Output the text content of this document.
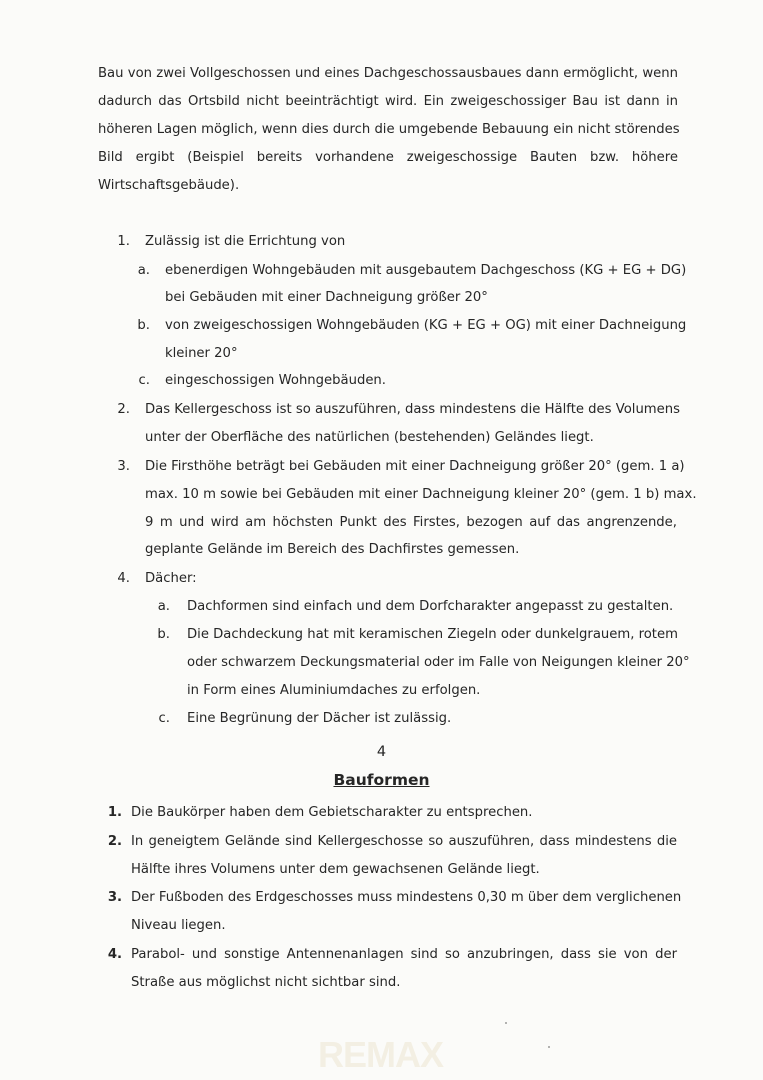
Bau von zwei Vollgeschossen und eines Dachgeschossausbaues dann ermöglicht, wenn
dadurch das Ortsbild nicht beeinträchtigt wird. Ein zweigeschossiger Bau ist dann in
höheren Lagen möglich, wenn dies durch die umgebende Bebauung ein nicht störendes
Bild ergibt (Beispiel bereits vorhandene zweigeschossige Bauten bzw. höhere
Wirtschaftsgebäude).
1. Zulässig ist die Errichtung von
a. ebenerdigen Wohngebäuden mit ausgebautem Dachgeschoss (KG + EG + DG)
bei Gebäuden mit einer Dachneigung größer 20°
b. von zweigeschossigen Wohngebäuden (KG + EG + OG) mit einer Dachneigung
kleiner 20°
c. eingeschossigen Wohngebäuden.
2. Das Kellergeschoss ist so auszuführen, dass mindestens die Hälfte des Volumens
unter der Oberfläche des natürlichen (bestehenden) Geländes liegt.
3. Die Firsthöhe beträgt bei Gebäuden mit einer Dachneigung größer 20° (gem. 1 a)
max. 10 m sowie bei Gebäuden mit einer Dachneigung kleiner 20° (gem. 1 b) max.
9 m und wird am höchsten Punkt des Firstes, bezogen auf das angrenzende,
geplante Gelände im Bereich des Dachfirstes gemessen.
4. Dächer:
a. Dachformen sind einfach und dem Dorfcharakter angepasst zu gestalten.
b. Die Dachdeckung hat mit keramischen Ziegeln oder dunkelgrauem, rotem
oder schwarzem Deckungsmaterial oder im Falle von Neigungen kleiner 20°
in Form eines Aluminiumdaches zu erfolgen.
c. Eine Begrünung der Dächer ist zulässig.
4
Bauformen
1. Die Baukörper haben dem Gebietscharakter zu entsprechen.
2. In geneigtem Gelände sind Kellergeschosse so auszuführen, dass mindestens die
Hälfte ihres Volumens unter dem gewachsenen Gelände liegt.
3. Der Fußboden des Erdgeschosses muss mindestens 0,30 m über dem verglichenen
Niveau liegen.
4. Parabol- und sonstige Antennenanlagen sind so anzubringen, dass sie von der
Straße aus möglichst nicht sichtbar sind.
REMAX
